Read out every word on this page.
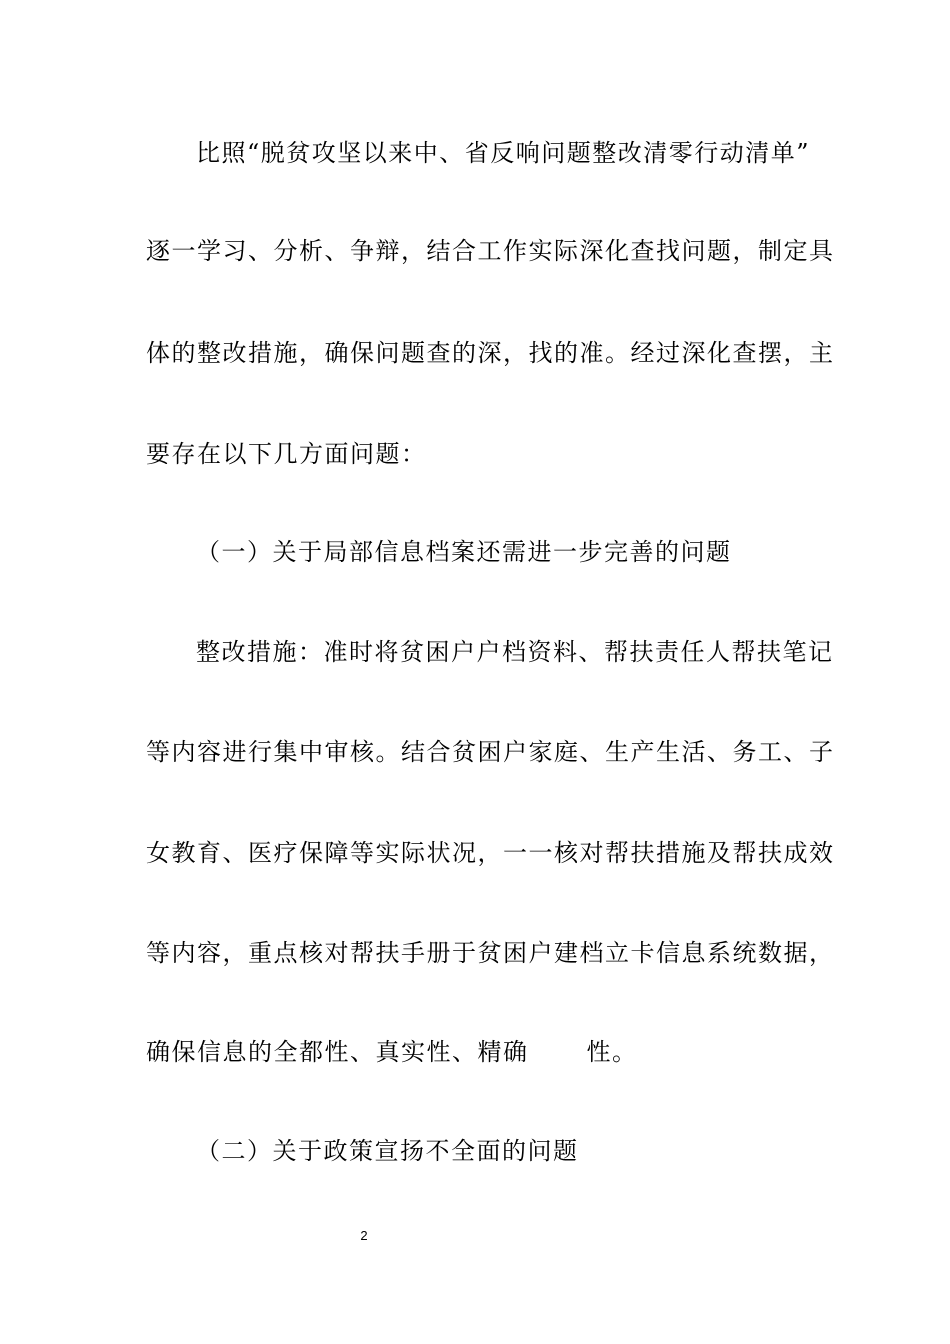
比照“脱贫攻坚以来中、省反响问题整改清零行动清单”
逐一学习、分析、争辩，结合工作实际深化查找问题，制定具
体的整改措施，确保问题查的深，找的准。经过深化查摆，主
要存在以下几方面问题：
（一）关于局部信息档案还需进一步完善的问题
整改措施：准时将贫困户户档资料、帮扶责任人帮扶笔记
等内容进行集中审核。结合贫困户家庭、生产生活、务工、子
女教育、医疗保障等实际状况，一一核对帮扶措施及帮扶成效
等内容，重点核对帮扶手册于贫困户建档立卡信息系统数据，
确保信息的全都性、真实性、精确 性。
（二）关于政策宣扬不全面的问题
2
